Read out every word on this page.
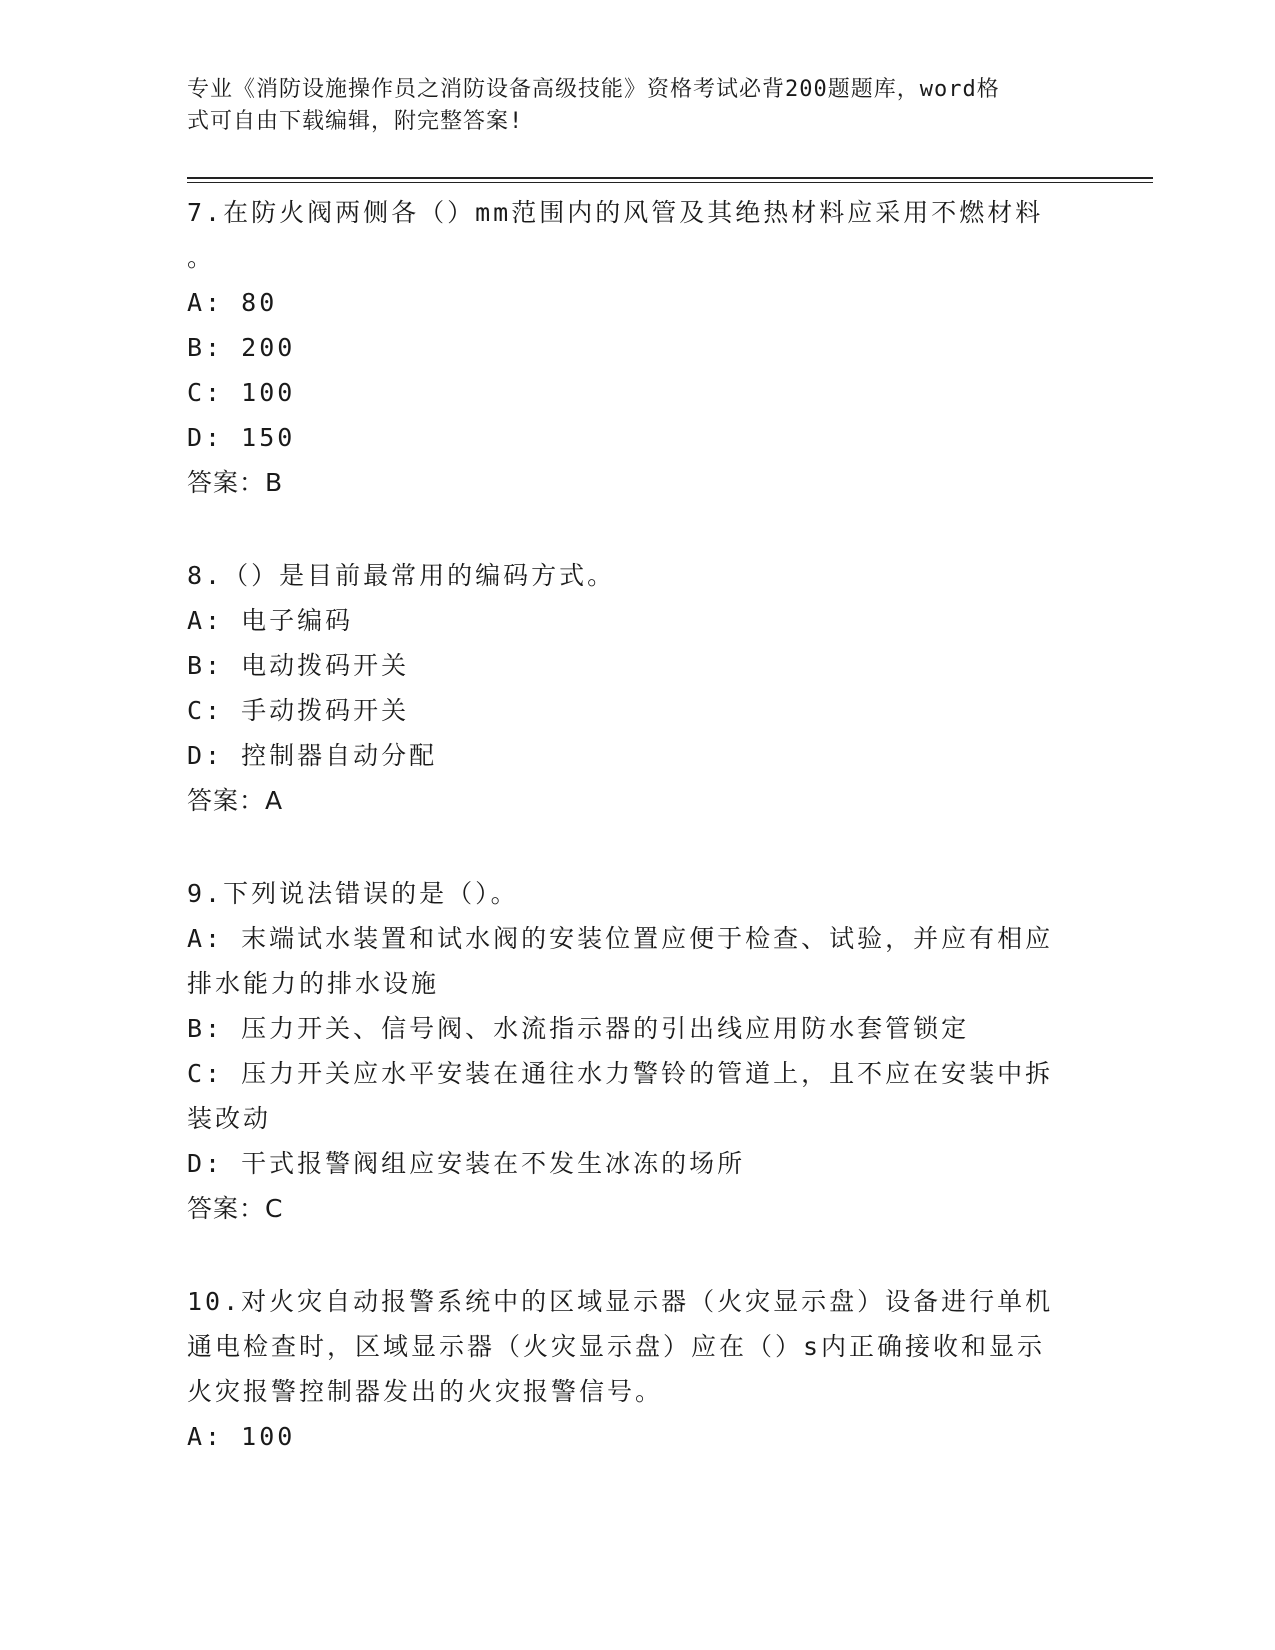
专业《消防设施操作员之消防设备高级技能》资格考试必背200题题库，word格
式可自由下载编辑，附完整答案!
7.在防火阀两侧各（）mm范围内的风管及其绝热材料应采用不燃材料
。
A: 80
B: 200
C: 100
D: 150
答案：B
8.（）是目前最常用的编码方式。
A: 电子编码
B: 电动拨码开关
C: 手动拨码开关
D: 控制器自动分配
答案：A
9.下列说法错误的是（）。
A: 末端试水装置和试水阀的安装位置应便于检查、试验，并应有相应
排水能力的排水设施
B: 压力开关、信号阀、水流指示器的引出线应用防水套管锁定
C: 压力开关应水平安装在通往水力警铃的管道上，且不应在安装中拆
装改动
D: 干式报警阀组应安装在不发生冰冻的场所
答案：C
10.对火灾自动报警系统中的区域显示器（火灾显示盘）设备进行单机
通电检查时，区域显示器（火灾显示盘）应在（）s内正确接收和显示
火灾报警控制器发出的火灾报警信号。
A: 100
